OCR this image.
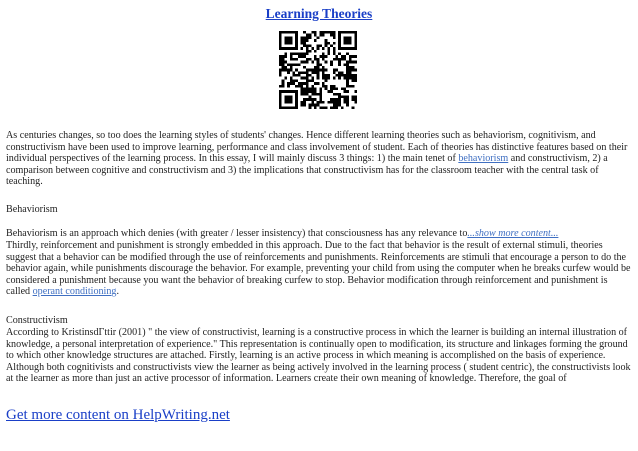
Learning Theories

As centuries changes, so too does the learning styles of students' changes. Hence different learning theories such as behaviorism, cognitivism, and constructivism have been used to improve learning, performance and class involvement of student. Each of theories has distinctive features based on their individual perspectives of the learning process. In this essay, I will mainly discuss 3 things: 1) the main tenet of behaviorism and constructivism, 2) a comparison between cognitive and constructivism and 3) the implications that constructivism has for the classroom teacher with the central task of teaching.

Behaviorism

Behaviorism is an approach which denies (with greater / lesser insistency) that consciousness has any relevance to...show more content...

Thirdly, reinforcement and punishment is strongly embedded in this approach. Due to the fact that behavior is the result of external stimuli, theories suggest that a behavior can be modified through the use of reinforcements and punishments. Reinforcements are stimuli that encourage a person to do the behavior again, while punishments discourage the behavior. For example, preventing your child from using the computer when he breaks curfew would be considered a punishment because you want the behavior of breaking curfew to stop. Behavior modification through reinforcement and punishment is called operant conditioning.

Constructivism
According to KristinsdГttir (2001) " the view of constructivist, learning is a constructive process in which the learner is building an internal illustration of knowledge, a personal interpretation of experience." This representation is continually open to modification, its structure and linkages forming the ground to which other knowledge structures are attached. Firstly, learning is an active process in which meaning is accomplished on the basis of experience. Although both cognitivists and constructivists view the learner as being actively involved in the learning process ( student centric), the constructivists look at the learner as more than just an active processor of information. Learners create their own meaning of knowledge. Therefore, the goal of
Get more content on HelpWriting.net
